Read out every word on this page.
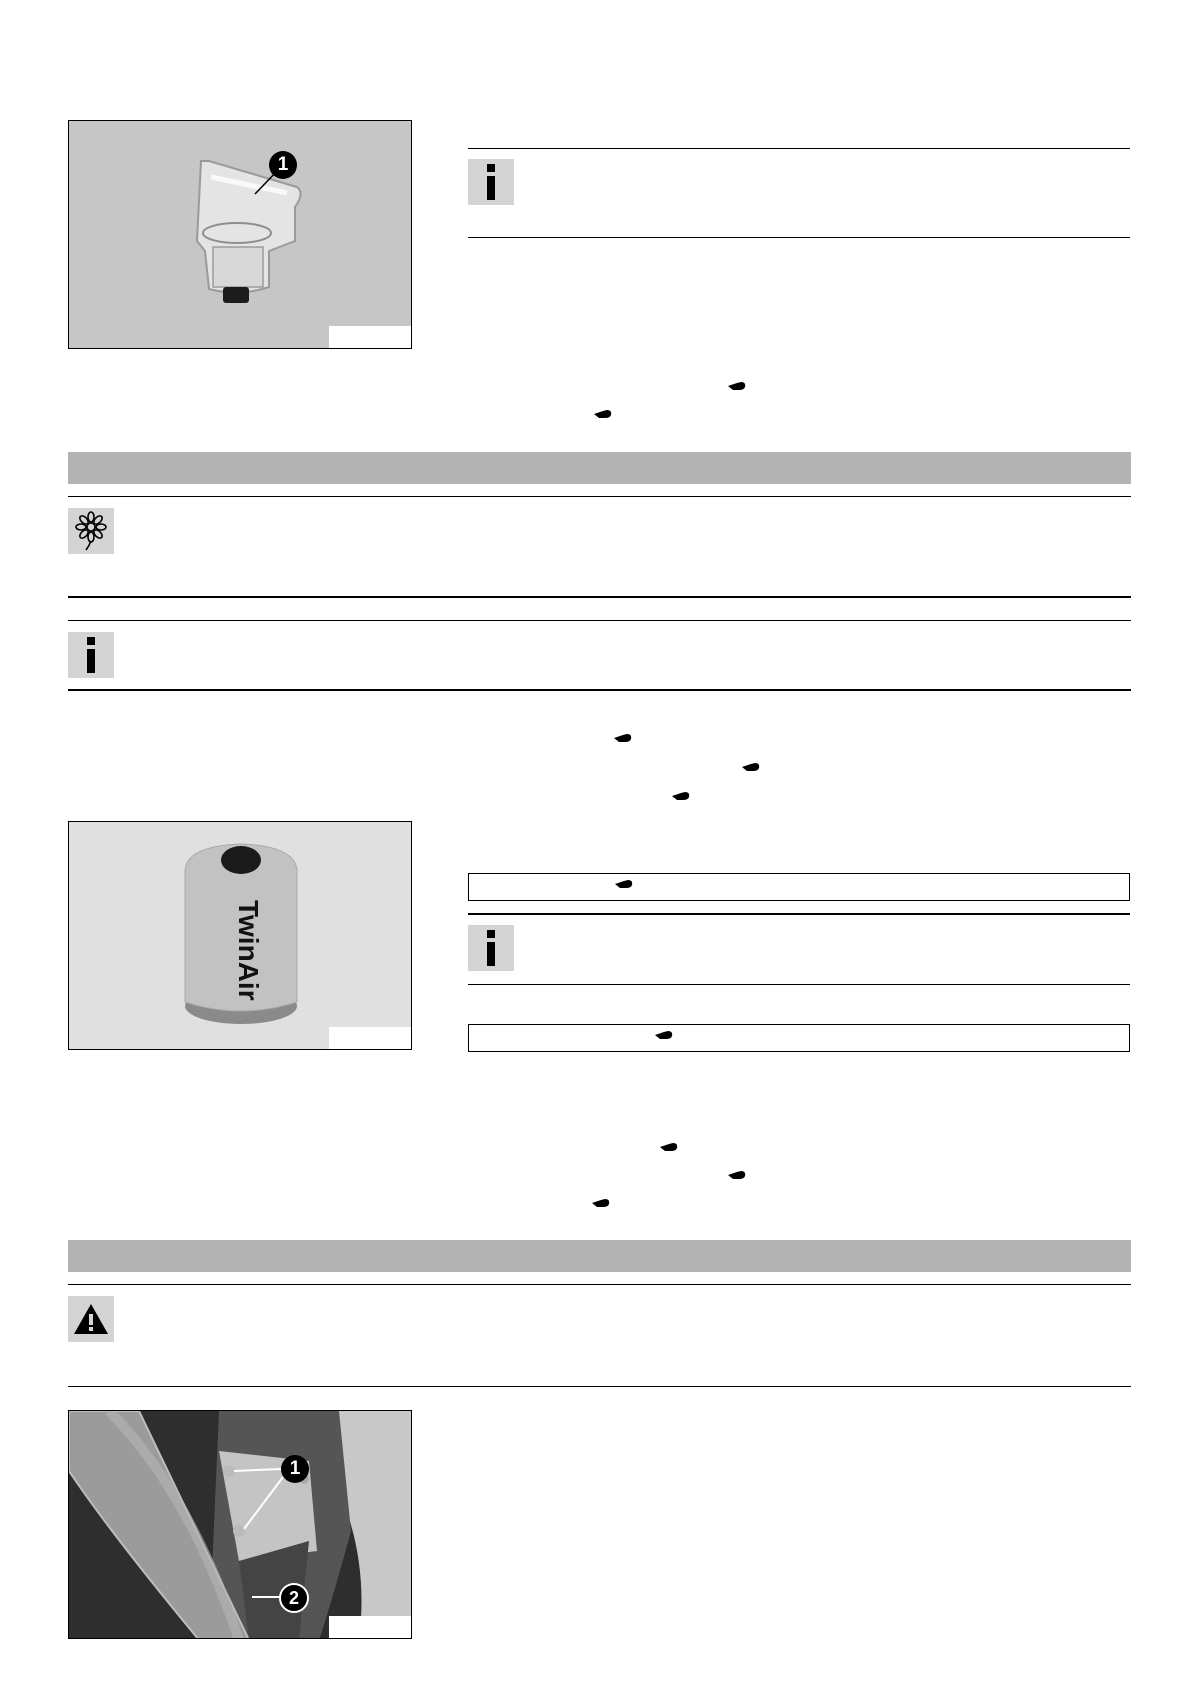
1
TwinAir
1
2
